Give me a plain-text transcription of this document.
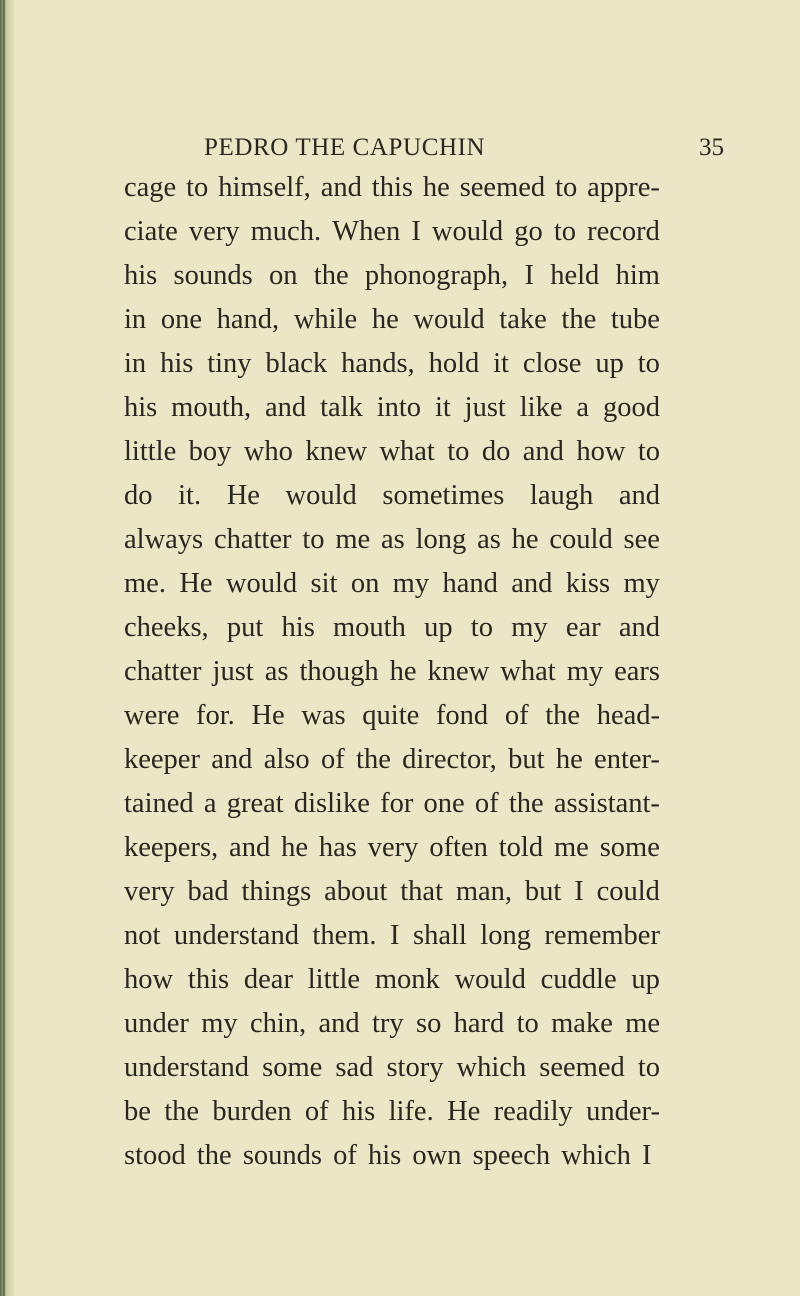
PEDRO THE CAPUCHIN	35
cage to himself, and this he seemed to appre-
ciate very much. When I would go to record
his sounds on the phonograph, I held him
in one hand, while he would take the tube
in his tiny black hands, hold it close up to
his mouth, and talk into it just like a good
little boy who knew what to do and how to
do it. He would sometimes laugh and
always chatter to me as long as he could see
me. He would sit on my hand and kiss my
cheeks, put his mouth up to my ear and
chatter just as though he knew what my ears
were for. He was quite fond of the head-
keeper and also of the director, but he enter-
tained a great dislike for one of the assistant-
keepers, and he has very often told me some
very bad things about that man, but I could
not understand them. I shall long remember
how this dear little monk would cuddle up
under my chin, and try so hard to make me
understand some sad story which seemed to
be the burden of his life. He readily under-
stood the sounds of his own speech which I
